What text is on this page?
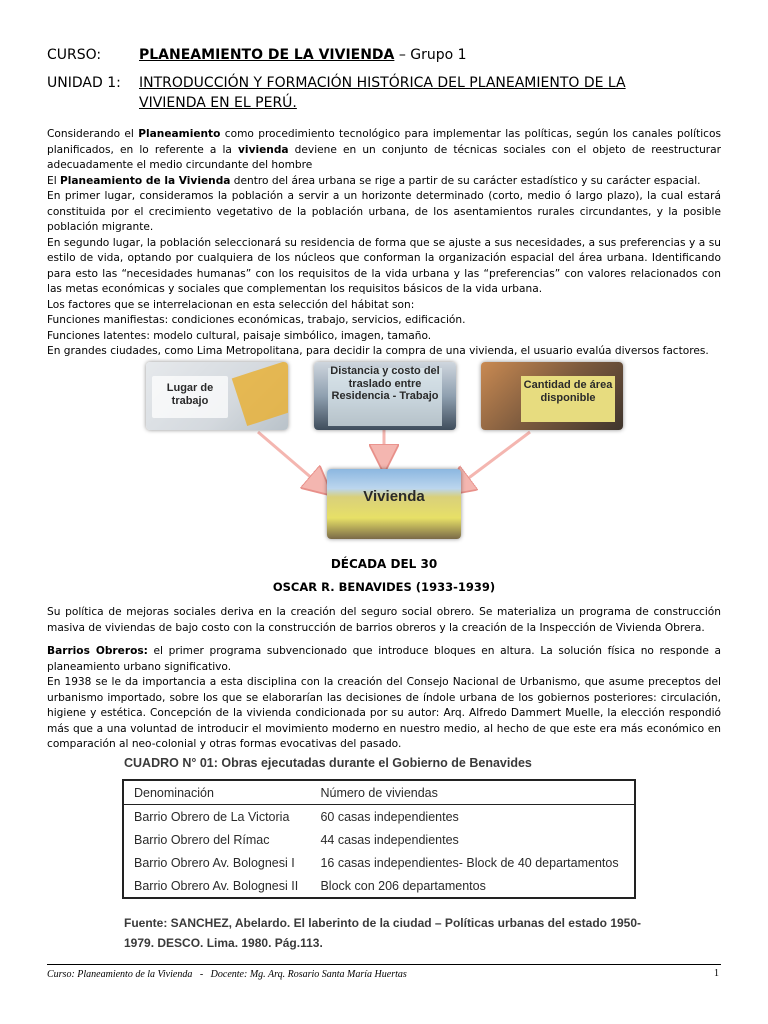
CURSO:	PLANEAMIENTO DE LA VIVIENDA – Grupo 1
UNIDAD 1: INTRODUCCIÓN Y FORMACIÓN HISTÓRICA DEL PLANEAMIENTO DE LA
VIVIENDA EN EL PERÚ.

Considerando el Planeamiento como procedimiento tecnológico para implementar las políticas, según los canales políticos planificados, en lo referente a la vivienda deviene en un conjunto de técnicas sociales con el objeto de reestructurar adecuadamente el medio circundante del hombre

El Planeamiento de la Vivienda dentro del área urbana se rige a partir de su carácter estadístico y su carácter espacial.

En primer lugar, consideramos la población a servir a un horizonte determinado (corto, medio ó largo plazo), la cual estará constituida por el crecimiento vegetativo de la población urbana, de los asentamientos rurales circundantes, y la posible población migrante.

En segundo lugar, la población seleccionará su residencia de forma que se ajuste a sus necesidades, a sus preferencias y a su estilo de vida, optando por cualquiera de los núcleos que conforman la organización espacial del área urbana. Identificando para esto las “necesidades humanas” con los requisitos de la vida urbana y las “preferencias” con valores relacionados con las metas económicas y sociales que complementan los requisitos básicos de la vida urbana.

Los factores que se interrelacionan en esta selección del hábitat son:

Funciones manifiestas: condiciones económicas, trabajo, servicios, edificación.

Funciones latentes: modelo cultural, paisaje simbólico, imagen, tamaño.

En grandes ciudades, como Lima Metropolitana, para decidir la compra de una vivienda, el usuario evalúa diversos factores.

Lugar de trabajo
Distancia y costo del traslado entre Residencia - Trabajo
Cantidad de área disponible
Vivienda
DÉCADA DEL 30
OSCAR R. BENAVIDES (1933-1939)

Su política de mejoras sociales deriva en la creación del seguro social obrero. Se materializa un programa de construcción masiva de viviendas de bajo costo con la construcción de barrios obreros y la creación de la Inspección de Vivienda Obrera.

Barrios Obreros: el primer programa subvencionado que introduce bloques en altura. La solución física no responde a planeamiento urbano significativo.

En 1938 se le da importancia a esta disciplina con la creación del Consejo Nacional de Urbanismo, que asume preceptos del urbanismo importado, sobre los que se elaborarían las decisiones de índole urbana de los gobiernos posteriores: circulación, higiene y estética. Concepción de la vivienda condicionada por su autor: Arq. Alfredo Dammert Muelle, la elección respondió más que a una voluntad de introducir el movimiento moderno en nuestro medio, al hecho de que este era más económico en comparación al neo-colonial y otras formas evocativas del pasado.

CUADRO N° 01: Obras ejecutadas durante el Gobierno de Benavides
Denominación	Número de viviendas
Barrio Obrero de La Victoria	60 casas independientes
Barrio Obrero del Rímac	44 casas independientes
Barrio Obrero Av. Bolognesi I	16 casas independientes- Block de 40 departamentos
Barrio Obrero Av. Bolognesi II	Block con 206 departamentos
Fuente: SANCHEZ, Abelardo. El laberinto de la ciudad – Políticas urbanas del estado 1950-
1979. DESCO. Lima. 1980. Pág.113.
Curso: Planeamiento de la Vivienda   -   Docente: Mg. Arq. Rosario Santa María Huertas	1
